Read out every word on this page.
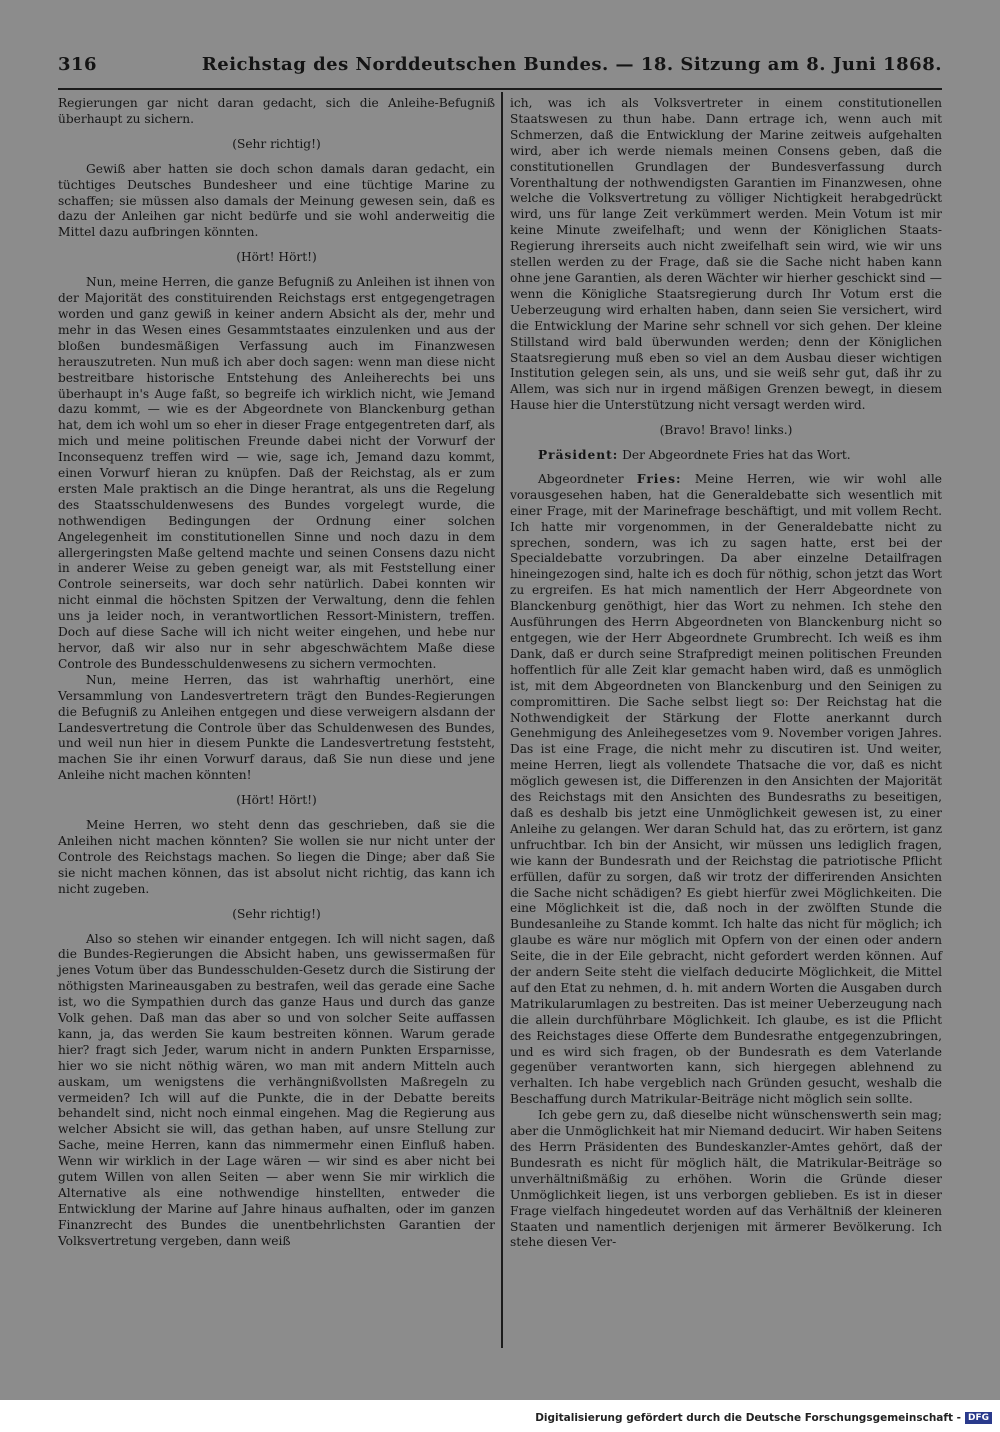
316	Reichstag des Norddeutschen Bundes. — 18. Sitzung am 8. Juni 1868.

Regierungen gar nicht daran gedacht, sich die Anleihe-Befugniß überhaupt zu sichern.

(Sehr richtig!)

Gewiß aber hatten sie doch schon damals daran gedacht, ein tüchtiges Deutsches Bundesheer und eine tüchtige Marine zu schaffen; sie müssen also damals der Meinung gewesen sein, daß es dazu der Anleihen gar nicht bedürfe und sie wohl anderweitig die Mittel dazu aufbringen könnten.

(Hört! Hört!)

Nun, meine Herren, die ganze Befugniß zu Anleihen ist ihnen von der Majorität des constituirenden Reichstags erst entgegengetragen worden und ganz gewiß in keiner andern Absicht als der, mehr und mehr in das Wesen eines Gesammtstaates einzulenken und aus der bloßen bundesmäßigen Verfassung auch im Finanzwesen herauszutreten. Nun muß ich aber doch sagen: wenn man diese nicht bestreitbare historische Entstehung des Anleiherechts bei uns überhaupt in's Auge faßt, so begreife ich wirklich nicht, wie Jemand dazu kommt, — wie es der Abgeordnete von Blanckenburg gethan hat, dem ich wohl um so eher in dieser Frage entgegentreten darf, als mich und meine politischen Freunde dabei nicht der Vorwurf der Inconsequenz treffen wird — wie, sage ich, Jemand dazu kommt, einen Vorwurf hieran zu knüpfen. Daß der Reichstag, als er zum ersten Male praktisch an die Dinge herantrat, als uns die Regelung des Staatsschuldenwesens des Bundes vorgelegt wurde, die nothwendigen Bedingungen der Ordnung einer solchen Angelegenheit im constitutionellen Sinne und noch dazu in dem allergeringsten Maße geltend machte und seinen Consens dazu nicht in anderer Weise zu geben geneigt war, als mit Feststellung einer Controle seinerseits, war doch sehr natürlich. Dabei konnten wir nicht einmal die höchsten Spitzen der Verwaltung, denn die fehlen uns ja leider noch, in verantwortlichen Ressort-Ministern, treffen. Doch auf diese Sache will ich nicht weiter eingehen, und hebe nur hervor, daß wir also nur in sehr abgeschwächtem Maße diese Controle des Bundesschuldenwesens zu sichern vermochten.

Nun, meine Herren, das ist wahrhaftig unerhört, eine Versammlung von Landesvertretern trägt den Bundes-Regierungen die Befugniß zu Anleihen entgegen und diese verweigern alsdann der Landesvertretung die Controle über das Schuldenwesen des Bundes, und weil nun hier in diesem Punkte die Landesvertretung feststeht, machen Sie ihr einen Vorwurf daraus, daß Sie nun diese und jene Anleihe nicht machen könnten!

(Hört! Hört!)

Meine Herren, wo steht denn das geschrieben, daß sie die Anleihen nicht machen könnten? Sie wollen sie nur nicht unter der Controle des Reichstags machen. So liegen die Dinge; aber daß Sie sie nicht machen können, das ist absolut nicht richtig, das kann ich nicht zugeben.

(Sehr richtig!)

Also so stehen wir einander entgegen. Ich will nicht sagen, daß die Bundes-Regierungen die Absicht haben, uns gewissermaßen für jenes Votum über das Bundesschulden-Gesetz durch die Sistirung der nöthigsten Marineausgaben zu bestrafen, weil das gerade eine Sache ist, wo die Sympathien durch das ganze Haus und durch das ganze Volk gehen. Daß man das aber so und von solcher Seite auffassen kann, ja, das werden Sie kaum bestreiten können. Warum gerade hier? fragt sich Jeder, warum nicht in andern Punkten Ersparnisse, hier wo sie nicht nöthig wären, wo man mit andern Mitteln auch auskam, um wenigstens die verhängnißvollsten Maßregeln zu vermeiden? Ich will auf die Punkte, die in der Debatte bereits behandelt sind, nicht noch einmal eingehen. Mag die Regierung aus welcher Absicht sie will, das gethan haben, auf unsre Stellung zur Sache, meine Herren, kann das nimmermehr einen Einfluß haben. Wenn wir wirklich in der Lage wären — wir sind es aber nicht bei gutem Willen von allen Seiten — aber wenn Sie mir wirklich die Alternative als eine nothwendige hinstellten, entweder die Entwicklung der Marine auf Jahre hinaus aufhalten, oder im ganzen Finanzrecht des Bundes die unentbehrlichsten Garantien der Volksvertretung vergeben, dann weiß

ich, was ich als Volksvertreter in einem constitutionellen Staatswesen zu thun habe. Dann ertrage ich, wenn auch mit Schmerzen, daß die Entwicklung der Marine zeitweis aufgehalten wird, aber ich werde niemals meinen Consens geben, daß die constitutionellen Grundlagen der Bundesverfassung durch Vorenthaltung der nothwendigsten Garantien im Finanzwesen, ohne welche die Volksvertretung zu völliger Nichtigkeit herabgedrückt wird, uns für lange Zeit verkümmert werden. Mein Votum ist mir keine Minute zweifelhaft; und wenn der Königlichen Staats-Regierung ihrerseits auch nicht zweifelhaft sein wird, wie wir uns stellen werden zu der Frage, daß sie die Sache nicht haben kann ohne jene Garantien, als deren Wächter wir hierher geschickt sind — wenn die Königliche Staatsregierung durch Ihr Votum erst die Ueberzeugung wird erhalten haben, dann seien Sie versichert, wird die Entwicklung der Marine sehr schnell vor sich gehen. Der kleine Stillstand wird bald überwunden werden; denn der Königlichen Staatsregierung muß eben so viel an dem Ausbau dieser wichtigen Institution gelegen sein, als uns, und sie weiß sehr gut, daß ihr zu Allem, was sich nur in irgend mäßigen Grenzen bewegt, in diesem Hause hier die Unterstützung nicht versagt werden wird.

(Bravo! Bravo! links.)

Präsident: Der Abgeordnete Fries hat das Wort.

Abgeordneter Fries: Meine Herren, wie wir wohl alle vorausgesehen haben, hat die Generaldebatte sich wesentlich mit einer Frage, mit der Marinefrage beschäftigt, und mit vollem Recht. Ich hatte mir vorgenommen, in der Generaldebatte nicht zu sprechen, sondern, was ich zu sagen hatte, erst bei der Specialdebatte vorzubringen. Da aber einzelne Detailfragen hineingezogen sind, halte ich es doch für nöthig, schon jetzt das Wort zu ergreifen. Es hat mich namentlich der Herr Abgeordnete von Blanckenburg genöthigt, hier das Wort zu nehmen. Ich stehe den Ausführungen des Herrn Abgeordneten von Blanckenburg nicht so entgegen, wie der Herr Abgeordnete Grumbrecht. Ich weiß es ihm Dank, daß er durch seine Strafpredigt meinen politischen Freunden hoffentlich für alle Zeit klar gemacht haben wird, daß es unmöglich ist, mit dem Abgeordneten von Blanckenburg und den Seinigen zu compromittiren. Die Sache selbst liegt so: Der Reichstag hat die Nothwendigkeit der Stärkung der Flotte anerkannt durch Genehmigung des Anleihegesetzes vom 9. November vorigen Jahres. Das ist eine Frage, die nicht mehr zu discutiren ist. Und weiter, meine Herren, liegt als vollendete Thatsache die vor, daß es nicht möglich gewesen ist, die Differenzen in den Ansichten der Majorität des Reichstags mit den Ansichten des Bundesraths zu beseitigen, daß es deshalb bis jetzt eine Unmöglichkeit gewesen ist, zu einer Anleihe zu gelangen. Wer daran Schuld hat, das zu erörtern, ist ganz unfruchtbar. Ich bin der Ansicht, wir müssen uns lediglich fragen, wie kann der Bundesrath und der Reichstag die patriotische Pflicht erfüllen, dafür zu sorgen, daß wir trotz der differirenden Ansichten die Sache nicht schädigen? Es giebt hierfür zwei Möglichkeiten. Die eine Möglichkeit ist die, daß noch in der zwölften Stunde die Bundesanleihe zu Stande kommt. Ich halte das nicht für möglich; ich glaube es wäre nur möglich mit Opfern von der einen oder andern Seite, die in der Eile gebracht, nicht gefordert werden können. Auf der andern Seite steht die vielfach deducirte Möglichkeit, die Mittel auf den Etat zu nehmen, d. h. mit andern Worten die Ausgaben durch Matrikularumlagen zu bestreiten. Das ist meiner Ueberzeugung nach die allein durchführbare Möglichkeit. Ich glaube, es ist die Pflicht des Reichstages diese Offerte dem Bundesrathe entgegenzubringen, und es wird sich fragen, ob der Bundesrath es dem Vaterlande gegenüber verantworten kann, sich hiergegen ablehnend zu verhalten. Ich habe vergeblich nach Gründen gesucht, weshalb die Beschaffung durch Matrikular-Beiträge nicht möglich sein sollte.

Ich gebe gern zu, daß dieselbe nicht wünschenswerth sein mag; aber die Unmöglichkeit hat mir Niemand deducirt. Wir haben Seitens des Herrn Präsidenten des Bundeskanzler-Amtes gehört, daß der Bundesrath es nicht für möglich hält, die Matrikular-Beiträge so unverhältnißmäßig zu erhöhen. Worin die Gründe dieser Unmöglichkeit liegen, ist uns verborgen geblieben. Es ist in dieser Frage vielfach hingedeutet worden auf das Verhältniß der kleineren Staaten und namentlich derjenigen mit ärmerer Bevölkerung. Ich stehe diesen Ver-

Digitalisierung gefördert durch die Deutsche Forschungsgemeinschaft - DFG
